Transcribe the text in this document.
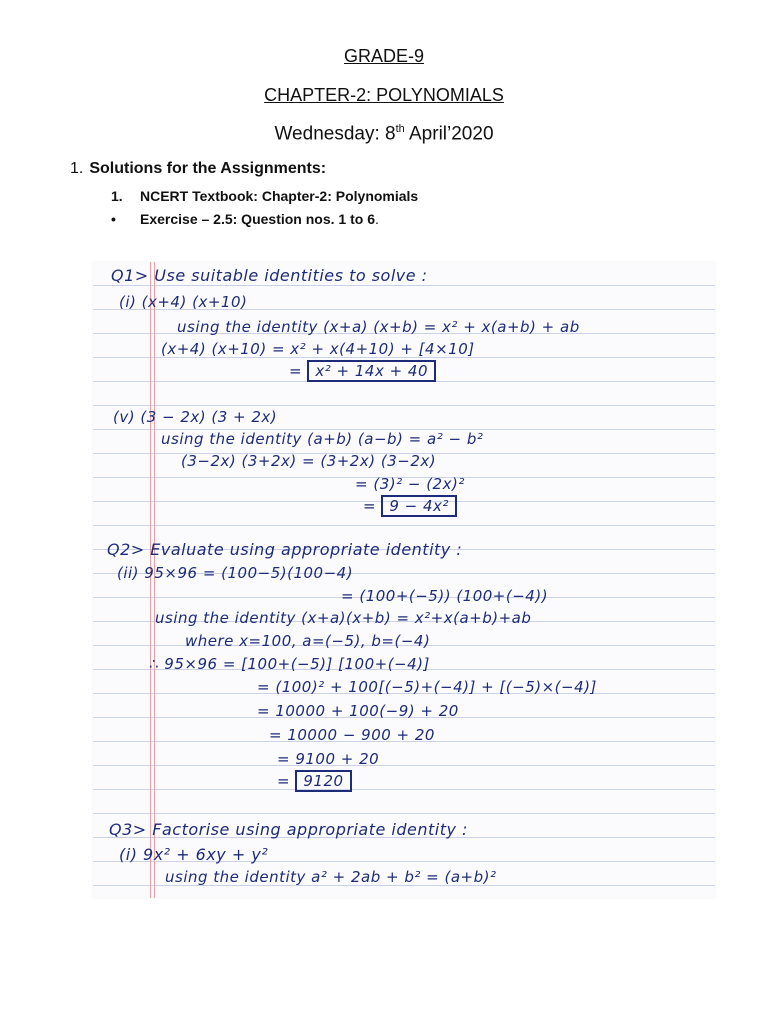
GRADE-9
CHAPTER-2: POLYNOMIALS
Wednesday: 8th April’2020
1. Solutions for the Assignments:
1. NCERT Textbook: Chapter-2: Polynomials
• Exercise – 2.5: Question nos. 1 to 6.
Q1> Use suitable identities to solve :
(i) (x+4) (x+10)
using the identity (x+a) (x+b) = x² + x(a+b) + ab
(x+4) (x+10) = x² + x(4+10) + [4×10]
= x² + 14x + 40
(v) (3 − 2x) (3 + 2x)
using the identity (a+b) (a−b) = a² − b²
(3−2x) (3+2x) = (3+2x) (3−2x)
= (3)² − (2x)²
= 9 − 4x²
Q2> Evaluate using appropriate identity :
(ii) 95×96 = (100−5)(100−4)
= (100+(−5)) (100+(−4))
using the identity (x+a)(x+b) = x²+x(a+b)+ab
where x=100, a=(−5), b=(−4)
∴ 95×96 = [100+(−5)] [100+(−4)]
= (100)² + 100[(−5)+(−4)] + [(−5)×(−4)]
= 10000 + 100(−9) + 20
= 10000 − 900 + 20
= 9100 + 20
= 9120
Q3> Factorise using appropriate identity :
(i) 9x² + 6xy + y²
using the identity a² + 2ab + b² = (a+b)²
